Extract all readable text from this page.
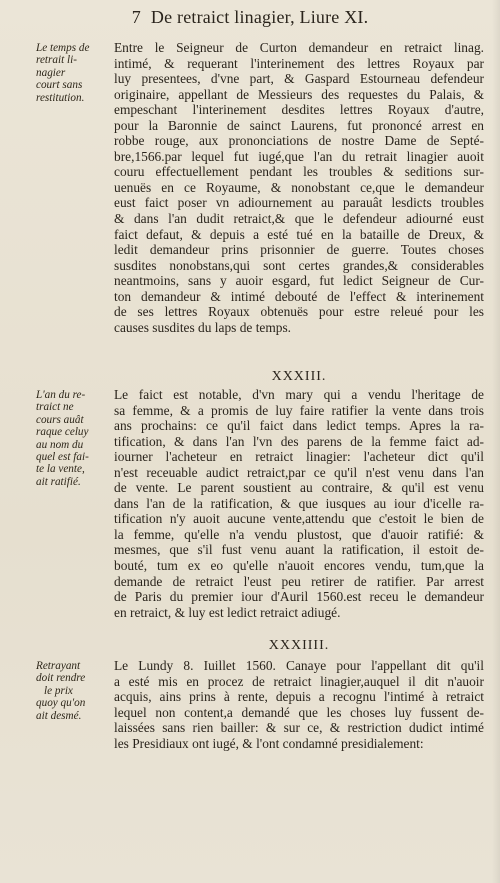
7 De retraict linagier, Liure XI.
Le temps de
retrait li-
nagier
court sans
restitution.
Entre le Seigneur de Curton demandeur en retraict linag.
intimé, & requerant l'interinement des lettres Royaux par
luy presentees, d'vne part, & Gaspard Estourneau defendeur
originaire, appellant de Messieurs des requestes du Palais, &
empeschant l'interinement desdites lettres Royaux d'autre,
pour la Baronnie de sainct Laurens, fut prononcé arrest en
robbe rouge, aux prononciations de nostre Dame de Septé-
bre,1566.par lequel fut iugé,que l'an du retrait linagier auoit
couru effectuellement pendant les troubles & seditions sur-
uenuës en ce Royaume, & nonobstant ce,que le demandeur
eust faict poser vn adiournement au parauât lesdicts troubles
& dans l'an dudit retraict,& que le defendeur adiourné eust
faict defaut, & depuis a esté tué en la bataille de Dreux, &
ledit demandeur prins prisonnier de guerre. Toutes choses
susdites nonobstans,qui sont certes grandes,& considerables
neantmoins, sans y auoir esgard, fut ledict Seigneur de Cur-
ton demandeur & intimé debouté de l'effect & interinement
de ses lettres Royaux obtenuës pour estre releué pour les
causes susdites du laps de temps.
XXXIII.
L'an du re-
traict ne
cours auât
raque celuy
au nom du
quel est fai-
te la vente,
ait ratifié.
Le faict est notable, d'vn mary qui a vendu l'heritage de
sa femme, & a promis de luy faire ratifier la vente dans trois
ans prochains: ce qu'il faict dans ledict temps. Apres la ra-
tification, & dans l'an l'vn des parens de la femme faict ad-
iourner l'acheteur en retraict linagier: l'acheteur dict qu'il
n'est receuable audict retraict,par ce qu'il n'est venu dans l'an
de vente. Le parent soustient au contraire, & qu'il est venu
dans l'an de la ratification, & que iusques au iour d'icelle ra-
tification n'y auoit aucune vente,attendu que c'estoit le bien de
la femme, qu'elle n'a vendu plustost, que d'auoir ratifié: &
mesmes, que s'il fust venu auant la ratification, il estoit de-
bouté, tum ex eo qu'elle n'auoit encores vendu, tum,que la
demande de retraict l'eust peu retirer de ratifier. Par arrest
de Paris du premier iour d'Auril 1560.est receu le demandeur
en retraict, & luy est ledict retraict adiugé.
XXXIIII.
Retrayant
doit rendre
le prix
quoy qu'on
ait desmé.
Le Lundy 8. Iuillet 1560. Canaye pour l'appellant dit qu'il
a esté mis en procez de retraict linagier,auquel il dit n'auoir
acquis, ains prins à rente, depuis a recognu l'intimé à retraict
lequel non content,a demandé que les choses luy fussent de-
laissées sans rien bailler: & sur ce, & restriction dudict intimé
les Presidiaux ont iugé, & l'ont condamné presidialement:
